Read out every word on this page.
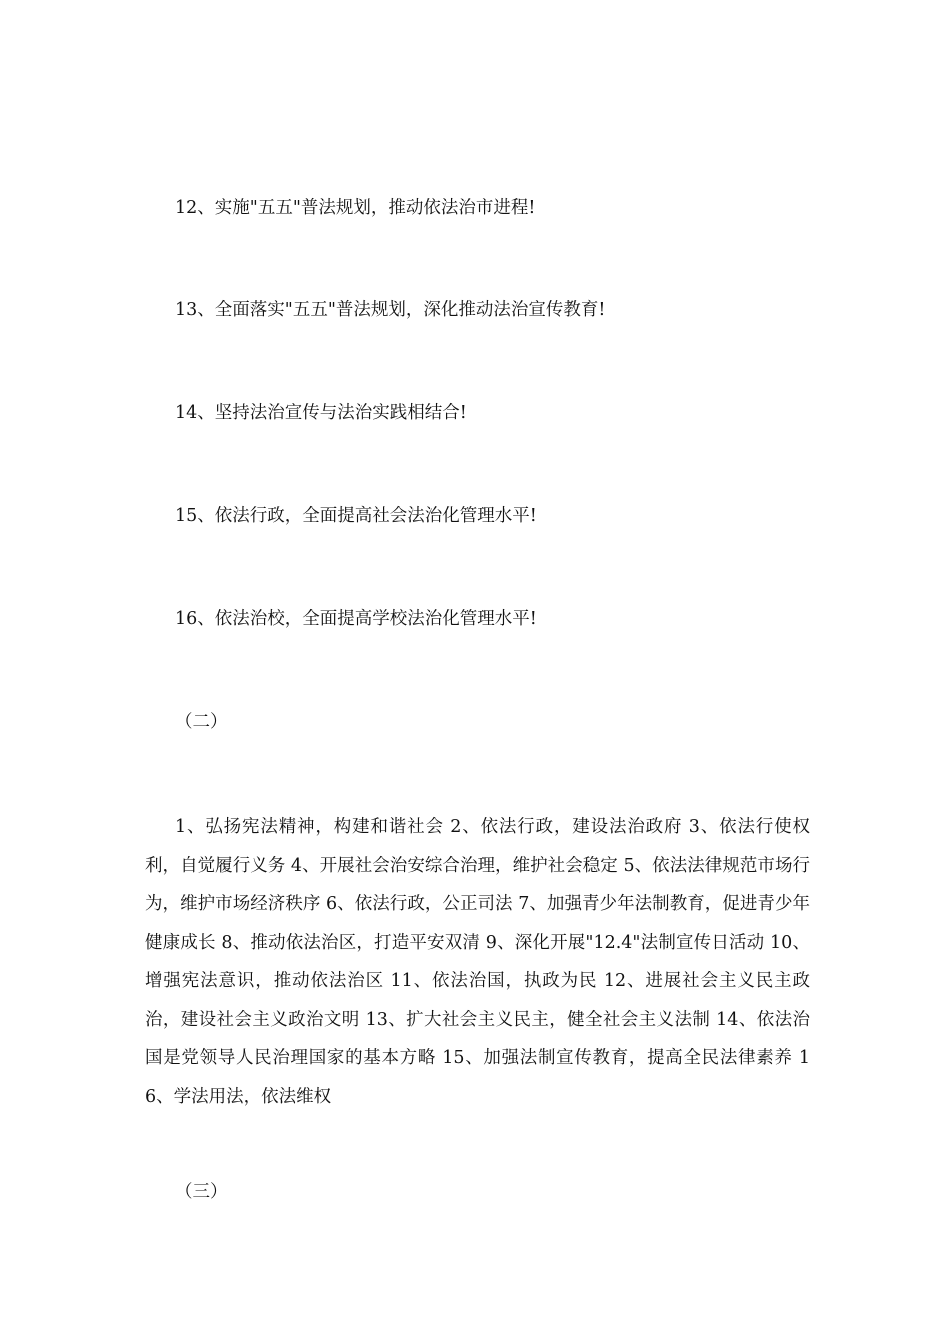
12、实施"五五"普法规划，推动依法治市进程!
13、全面落实"五五"普法规划，深化推动法治宣传教育!
14、坚持法治宣传与法治实践相结合!
15、依法行政，全面提高社会法治化管理水平!
16、依法治校，全面提高学校法治化管理水平!
（二）
1、弘扬宪法精神，构建和谐社会 2、依法行政，建设法治政府 3、依法行使权利，自觉履行义务 4、开展社会治安综合治理，维护社会稳定 5、依法法律规范市场行为，维护市场经济秩序 6、依法行政，公正司法 7、加强青少年法制教育，促进青少年健康成长 8、推动依法治区，打造平安双清 9、深化开展"12.4"法制宣传日活动 10、增强宪法意识，推动依法治区 11、依法治国，执政为民 12、进展社会主义民主政治，建设社会主义政治文明 13、扩大社会主义民主，健全社会主义法制 14、依法治国是党领导人民治理国家的基本方略 15、加强法制宣传教育，提高全民法律素养 16、学法用法，依法维权
（三）
